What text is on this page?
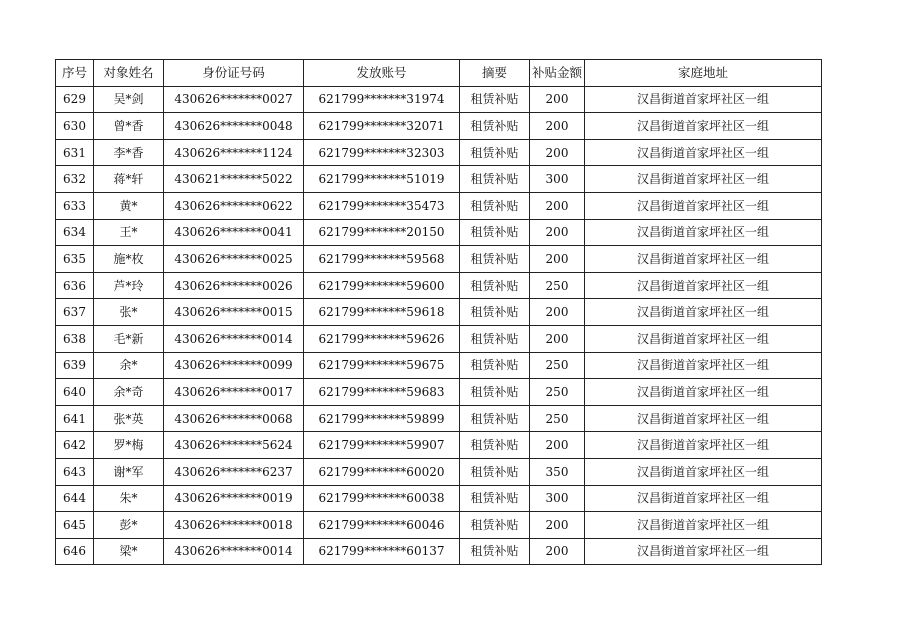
序号	对象姓名	身份证号码	发放账号	摘要	补贴金额	家庭地址
629	吴*剑	430626*******0027	621799*******31974	租赁补贴	200	汉昌街道首家坪社区一组
630	曾*香	430626*******0048	621799*******32071	租赁补贴	200	汉昌街道首家坪社区一组
631	李*香	430626*******1124	621799*******32303	租赁补贴	200	汉昌街道首家坪社区一组
632	蒋*轩	430621*******5022	621799*******51019	租赁补贴	300	汉昌街道首家坪社区一组
633	黄*	430626*******0622	621799*******35473	租赁补贴	200	汉昌街道首家坪社区一组
634	王*	430626*******0041	621799*******20150	租赁补贴	200	汉昌街道首家坪社区一组
635	施*枚	430626*******0025	621799*******59568	租赁补贴	200	汉昌街道首家坪社区一组
636	芦*玲	430626*******0026	621799*******59600	租赁补贴	250	汉昌街道首家坪社区一组
637	张*	430626*******0015	621799*******59618	租赁补贴	200	汉昌街道首家坪社区一组
638	毛*新	430626*******0014	621799*******59626	租赁补贴	200	汉昌街道首家坪社区一组
639	余*	430626*******0099	621799*******59675	租赁补贴	250	汉昌街道首家坪社区一组
640	余*奇	430626*******0017	621799*******59683	租赁补贴	250	汉昌街道首家坪社区一组
641	张*英	430626*******0068	621799*******59899	租赁补贴	250	汉昌街道首家坪社区一组
642	罗*梅	430626*******5624	621799*******59907	租赁补贴	200	汉昌街道首家坪社区一组
643	谢*军	430626*******6237	621799*******60020	租赁补贴	350	汉昌街道首家坪社区一组
644	朱*	430626*******0019	621799*******60038	租赁补贴	300	汉昌街道首家坪社区一组
645	彭*	430626*******0018	621799*******60046	租赁补贴	200	汉昌街道首家坪社区一组
646	梁*	430626*******0014	621799*******60137	租赁补贴	200	汉昌街道首家坪社区一组
